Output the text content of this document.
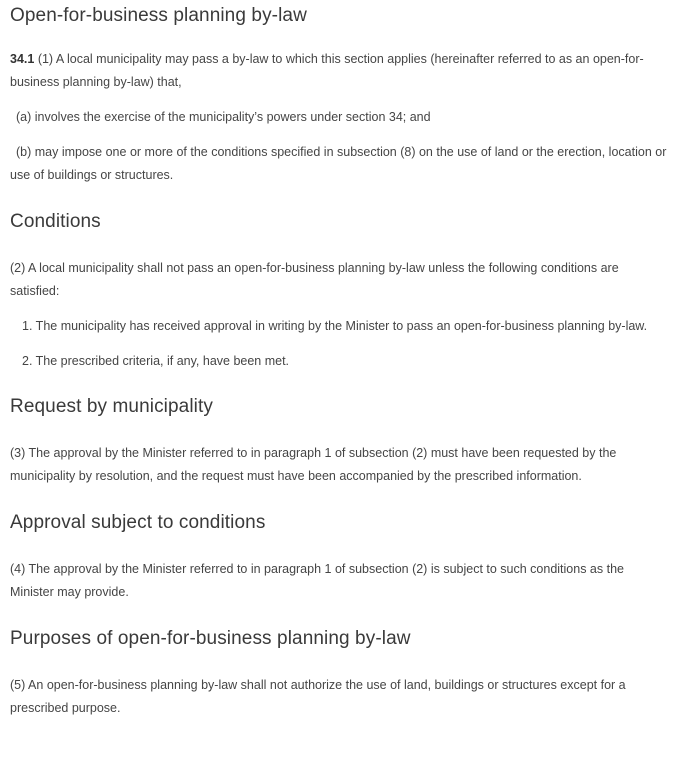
Open-for-business planning by-law

34.1 (1) A local municipality may pass a by-law to which this section applies (hereinafter referred to as an open-for-business planning by-law) that,

(a) involves the exercise of the municipality’s powers under section 34; and

(b) may impose one or more of the conditions specified in subsection (8) on the use of land or the erection, location or use of buildings or structures.

Conditions

(2) A local municipality shall not pass an open-for-business planning by-law unless the following conditions are satisfied:

1. The municipality has received approval in writing by the Minister to pass an open-for-business planning by-law.

2. The prescribed criteria, if any, have been met.

Request by municipality

(3) The approval by the Minister referred to in paragraph 1 of subsection (2) must have been requested by the municipality by resolution, and the request must have been accompanied by the prescribed information.

Approval subject to conditions

(4) The approval by the Minister referred to in paragraph 1 of subsection (2) is subject to such conditions as the Minister may provide.

Purposes of open-for-business planning by-law

(5) An open-for-business planning by-law shall not authorize the use of land, buildings or structures except for a prescribed purpose.
